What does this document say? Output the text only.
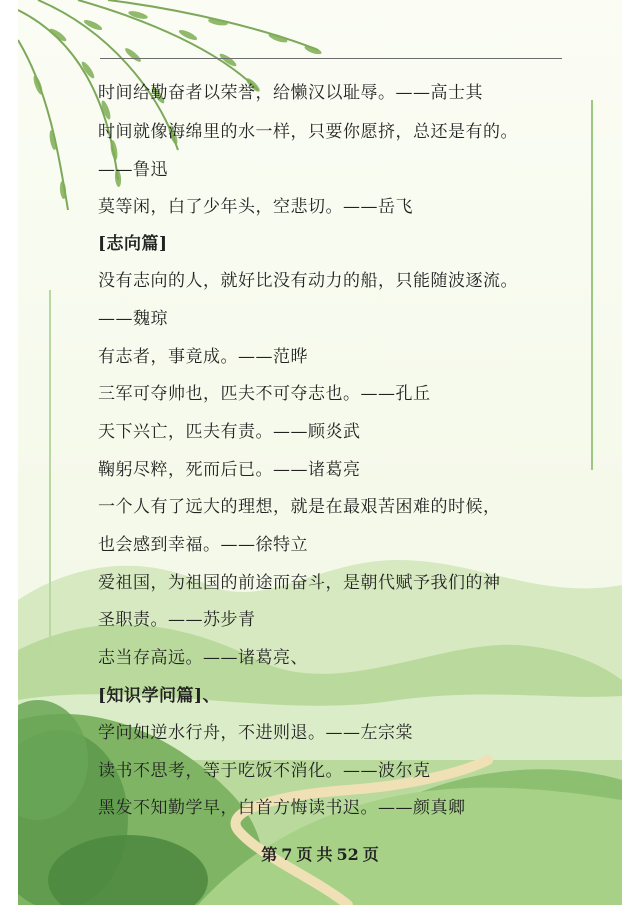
时间给勤奋者以荣誉，给懒汉以耻辱。——高士其
时间就像海绵里的水一样，只要你愿挤，总还是有的。
——鲁迅
莫等闲，白了少年头，空悲切。——岳飞
[志向篇]
没有志向的人，就好比没有动力的船，只能随波逐流。
——魏琼
有志者，事竟成。——范晔
三军可夺帅也，匹夫不可夺志也。——孔丘
天下兴亡，匹夫有责。——顾炎武
鞠躬尽粹，死而后已。——诸葛亮
一个人有了远大的理想，就是在最艰苦困难的时候，
也会感到幸福。——徐特立
爱祖国，为祖国的前途而奋斗，是朝代赋予我们的神
圣职责。——苏步青
志当存高远。——诸葛亮、
[知识学问篇]、
学问如逆水行舟，不进则退。——左宗棠
读书不思考，等于吃饭不消化。——波尔克
黑发不知勤学早，白首方悔读书迟。——颜真卿
第 7 页 共 52 页
